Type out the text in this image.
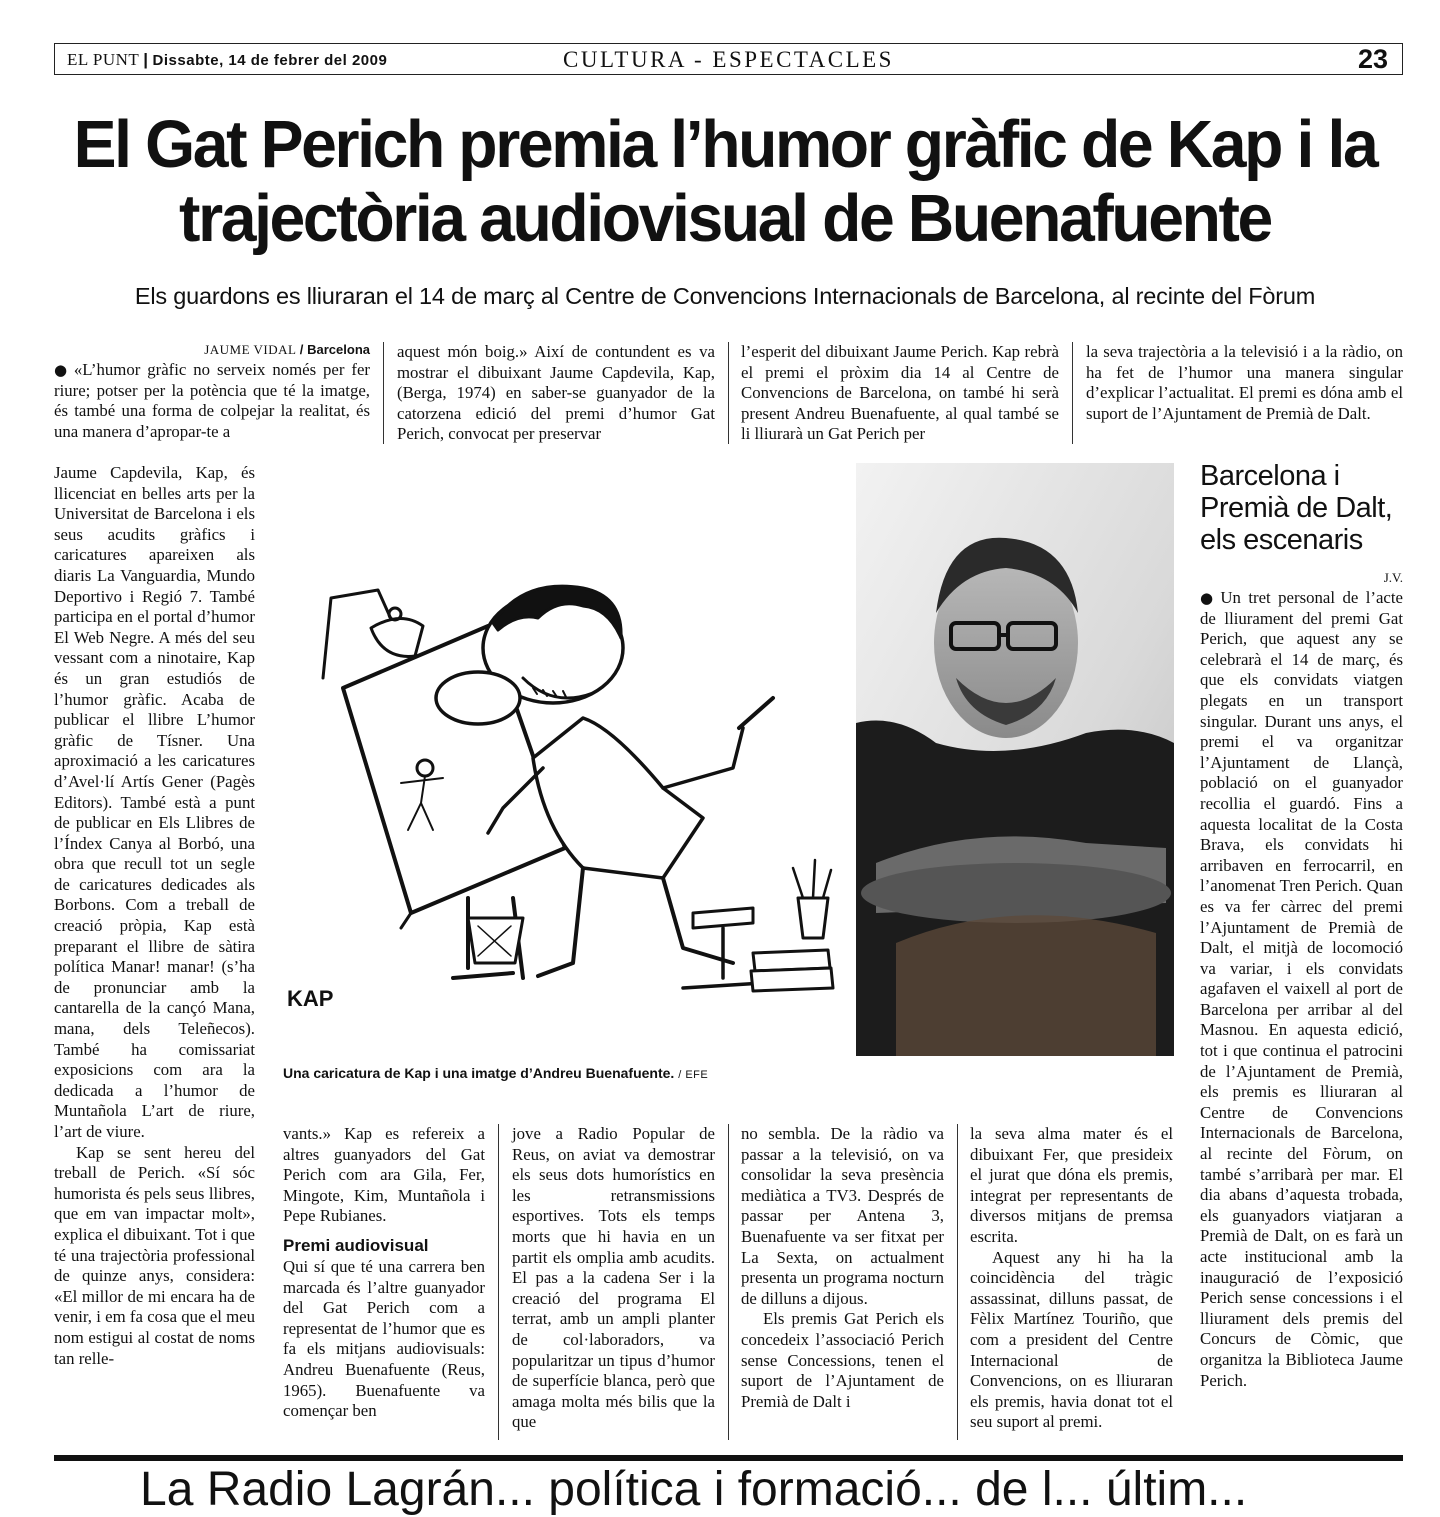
EL PUNT | Dissabte, 14 de febrer del 2009	CULTURA - ESPECTACLES	23
El Gat Perich premia l’humor gràfic de Kap i la trajectòria audiovisual de Buenafuente
Els guardons es lliuraran el 14 de març al Centre de Convencions Internacionals de Barcelona, al recinte del Fòrum
JAUME VIDAL / Barcelona

● «L’humor gràfic no serveix només per fer riure; potser per la potència que té la imatge, és també una forma de colpejar la realitat, és una manera d’apropar-te a

aquest món boig.» Així de contundent es va mostrar el dibuixant Jaume Capdevila, Kap, (Berga, 1974) en saber-se guanyador de la catorzena edició del premi d’humor Gat Perich, convocat per preservar

l’esperit del dibuixant Jaume Perich. Kap rebrà el premi el pròxim dia 14 al Centre de Convencions de Barcelona, on també hi serà present Andreu Buenafuente, al qual també se li lliurarà un Gat Perich per

la seva trajectòria a la televisió i a la ràdio, on ha fet de l’humor una manera singular d’explicar l’actualitat. El premi es dóna amb el suport de l’Ajuntament de Premià de Dalt.

Jaume Capdevila, Kap, és llicenciat en belles arts per la Universitat de Barcelona i els seus acudits gràfics i caricatures apareixen als diaris La Vanguardia, Mundo Deportivo i Regió 7. També participa en el portal d’humor El Web Negre. A més del seu vessant com a ninotaire, Kap és un gran estudiós de l’humor gràfic. Acaba de publicar el llibre L’humor gràfic de Tísner. Una aproximació a les caricatures d’Avel·lí Artís Gener (Pagès Editors). També està a punt de publicar en Els Llibres de l’Índex Canya al Borbó, una obra que recull tot un segle de caricatures dedicades als Borbons. Com a treball de creació pròpia, Kap està preparant el llibre de sàtira política Manar! manar! (s’ha de pronunciar amb la cantarella de la cançó Mana, mana, dels Teleñecos). També ha comissariat exposicions com ara la dedicada a l’humor de Muntañola L’art de riure, l’art de viure.

Kap se sent hereu del treball de Perich. «Sí sóc humorista és pels seus llibres, que em van impactar molt», explica el dibuixant. Tot i que té una trajectòria professional de quinze anys, considera: «El millor de mi encara ha de venir, i em fa cosa que el meu nom estigui al costat de noms tan relle-

KAP
Una caricatura de Kap i una imatge d’Andreu Buenafuente. / EFE

vants.» Kap es refereix a altres guanyadors del Gat Perich com ara Gila, Fer, Mingote, Kim, Muntañola i Pepe Rubianes.

Premi audiovisual

Qui sí que té una carrera ben marcada és l’altre guanyador del Gat Perich com a representat de l’humor que es fa els mitjans audiovisuals: Andreu Buenafuente (Reus, 1965). Buenafuente va començar ben

jove a Radio Popular de Reus, on aviat va demostrar els seus dots humorístics en les retransmissions esportives. Tots els temps morts que hi havia en un partit els omplia amb acudits. El pas a la cadena Ser i la creació del programa El terrat, amb un ampli planter de col·laboradors, va popularitzar un tipus d’humor de superfície blanca, però que amaga molta més bilis que la que

no sembla. De la ràdio va passar a la televisió, on va consolidar la seva presència mediàtica a TV3. Després de passar per Antena 3, Buenafuente va ser fitxat per La Sexta, on actualment presenta un programa nocturn de dilluns a dijous.

Els premis Gat Perich els concedeix l’associació Perich sense Concessions, tenen el suport de l’Ajuntament de Premià de Dalt i

la seva alma mater és el dibuixant Fer, que presideix el jurat que dóna els premis, integrat per representants de diversos mitjans de premsa escrita.

Aquest any hi ha la coincidència del tràgic assassinat, dilluns passat, de Fèlix Martínez Touriño, que com a president del Centre Internacional de Convencions, on es lliuraran els premis, havia donat tot el seu suport al premi.

Barcelona i Premià de Dalt, els escenaris
J.V.

● Un tret personal de l’acte de lliurament del premi Gat Perich, que aquest any se celebrarà el 14 de març, és que els convidats viatgen plegats en un transport singular. Durant uns anys, el premi el va organitzar l’Ajuntament de Llançà, població on el guanyador recollia el guardó. Fins a aquesta localitat de la Costa Brava, els convidats hi arribaven en ferrocarril, en l’anomenat Tren Perich. Quan es va fer càrrec del premi l’Ajuntament de Premià de Dalt, el mitjà de locomoció va variar, i els convidats agafaven el vaixell al port de Barcelona per arribar al del Masnou. En aquesta edició, tot i que continua el patrocini de l’Ajuntament de Premià, els premis es lliuraran al Centre de Convencions Internacionals de Barcelona, al recinte del Fòrum, on també s’arribarà per mar. El dia abans d’aquesta trobada, els guanyadors viatjaran a Premià de Dalt, on es farà un acte institucional amb la inauguració de l’exposició Perich sense concessions i el lliurament dels premis del Concurs de Còmic, que organitza la Biblioteca Jaume Perich.

La Radio Lagrán... política i formació... de l... últim...
